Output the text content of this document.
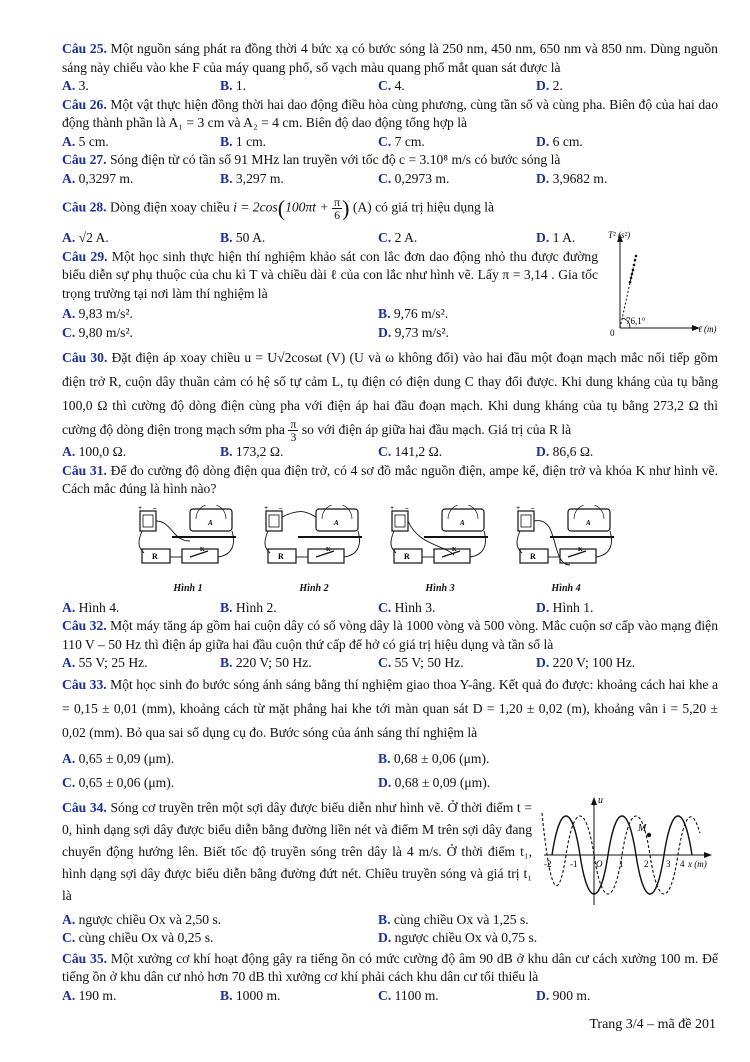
Câu 25. Một nguồn sáng phát ra đồng thời 4 bức xạ có bước sóng là 250 nm, 450 nm, 650 nm và 850 nm. Dùng nguồn sáng này chiếu vào khe F của máy quang phổ, số vạch màu quang phổ mắt quan sát được là

A. 3.	B. 1.	C. 4.	D. 2.

Câu 26. Một vật thực hiện đồng thời hai dao động điều hòa cùng phương, cùng tần số và cùng pha. Biên độ của hai dao động thành phần là A₁ = 3 cm và A₂ = 4 cm. Biên độ dao động tổng hợp là

A. 5 cm.	B. 1 cm.	C. 7 cm.	D. 6 cm.

Câu 27. Sóng điện từ có tần số 91 MHz lan truyền với tốc độ c = 3.10⁸ m/s có bước sóng là

A. 0,3297 m.	B. 3,297 m.	C. 0,2973 m.	D. 3,9682 m.

Câu 28. Dòng điện xoay chiều $i = 2\cos(100\pi t + \frac{\pi}{6}$ ) (A) có giá trị hiệu dụng là

A. √2 A.	B. 50 A.	C. 2 A.	D. 1 A.

Câu 29. Một học sinh thực hiện thí nghiệm khảo sát con lắc đơn dao động nhỏ thu được đường biểu diễn sự phụ thuộc của chu kì T và chiều dài ℓ của con lắc như hình vẽ. Lấy π = 3,14 . Gia tốc trọng trường tại nơi làm thí nghiệm là

A. 9,83 m/s².	B. 9,76 m/s².
C. 9,80 m/s².	D. 9,73 m/s².
76,1°
0
T² (s²)
ℓ (m)

Câu 30. Đặt điện áp xoay chiều u = U√2cosωt (V) (U và ω không đổi) vào hai đầu một đoạn mạch mắc nối tiếp gồm điện trở R, cuộn dây thuần cảm có hệ số tự cảm L, tụ điện có điện dung C thay đổi được. Khi dung kháng của tụ bằng 100,0 Ω thì cường độ dòng điện cùng pha với điện áp hai đầu đoạn mạch. Khi dung kháng của tụ bằng 273,2 Ω thì cường độ dòng điện trong mạch sớm pha $\frac{\pi}{3}$ so với điện áp giữa hai đầu mạch. Giá trị của R là

A. 100,0 Ω.	B. 173,2 Ω.	C. 141,2 Ω.	D. 86,6 Ω.

Câu 31. Để đo cường độ dòng điện qua điện trở, có 4 sơ đồ mắc nguồn điện, ampe kế, điện trở và khóa K như hình vẽ. Cách mắc đúng là hình nào?

+ –
A
R
K
Hình 1
+ –
A
R
K
Hình 2
+ –
A
R
K
Hình 3
+ –
A
R
K
Hình 4
A. Hình 4.	B. Hình 2.	C. Hình 3.	D. Hình 1.

Câu 32. Một máy tăng áp gồm hai cuộn dây có số vòng dây là 1000 vòng và 500 vòng. Mắc cuộn sơ cấp vào mạng điện 110 V – 50 Hz thì điện áp giữa hai đầu cuộn thứ cấp để hở có giá trị hiệu dụng và tần số là

A. 55 V; 25 Hz.	B. 220 V; 50 Hz.	C. 55 V; 50 Hz.	D. 220 V; 100 Hz.

Câu 33. Một học sinh đo bước sóng ánh sáng bằng thí nghiệm giao thoa Y-âng. Kết quả đo được: khoảng cách hai khe a = 0,15 ± 0,01 (mm), khoảng cách từ mặt phẳng hai khe tới màn quan sát D = 1,20 ± 0,02 (m), khoảng vân i = 5,20 ± 0,02 (mm). Bỏ qua sai số dụng cụ đo. Bước sóng của ánh sáng thí nghiệm là

A. 0,65 ± 0,09 (μm).	B. 0,68 ± 0,06 (μm).
C. 0,65 ± 0,06 (μm).	D. 0,68 ± 0,09 (μm).

Câu 34. Sóng cơ truyền trên một sợi dây được biểu diễn như hình vẽ. Ở thời điểm t = 0, hình dạng sợi dây được biểu diễn bằng đường liền nét và điểm M trên sợi dây đang chuyển động hướng lên. Biết tốc độ truyền sóng trên dây là 4 m/s. Ở thời điểm t₁, hình dạng sợi dây được biểu diễn bằng đường đứt nét. Chiều truyền sóng và giá trị t₁ là

M
u
O
-2 -1	1 2 3 4 x (m)
A. ngược chiều Ox và 2,50 s.	B. cùng chiều Ox và 1,25 s.
C. cùng chiều Ox và 0,25 s.	D. ngược chiều Ox và 0,75 s.

Câu 35. Một xưởng cơ khí hoạt động gây ra tiếng ồn có mức cường độ âm 90 dB ở khu dân cư cách xưởng 100 m. Để tiếng ồn ở khu dân cư nhỏ hơn 70 dB thì xưởng cơ khí phải cách khu dân cư tối thiểu là

A. 190 m.	B. 1000 m.	C. 1100 m.	D. 900 m.
Trang 3/4 – mã đề 201
